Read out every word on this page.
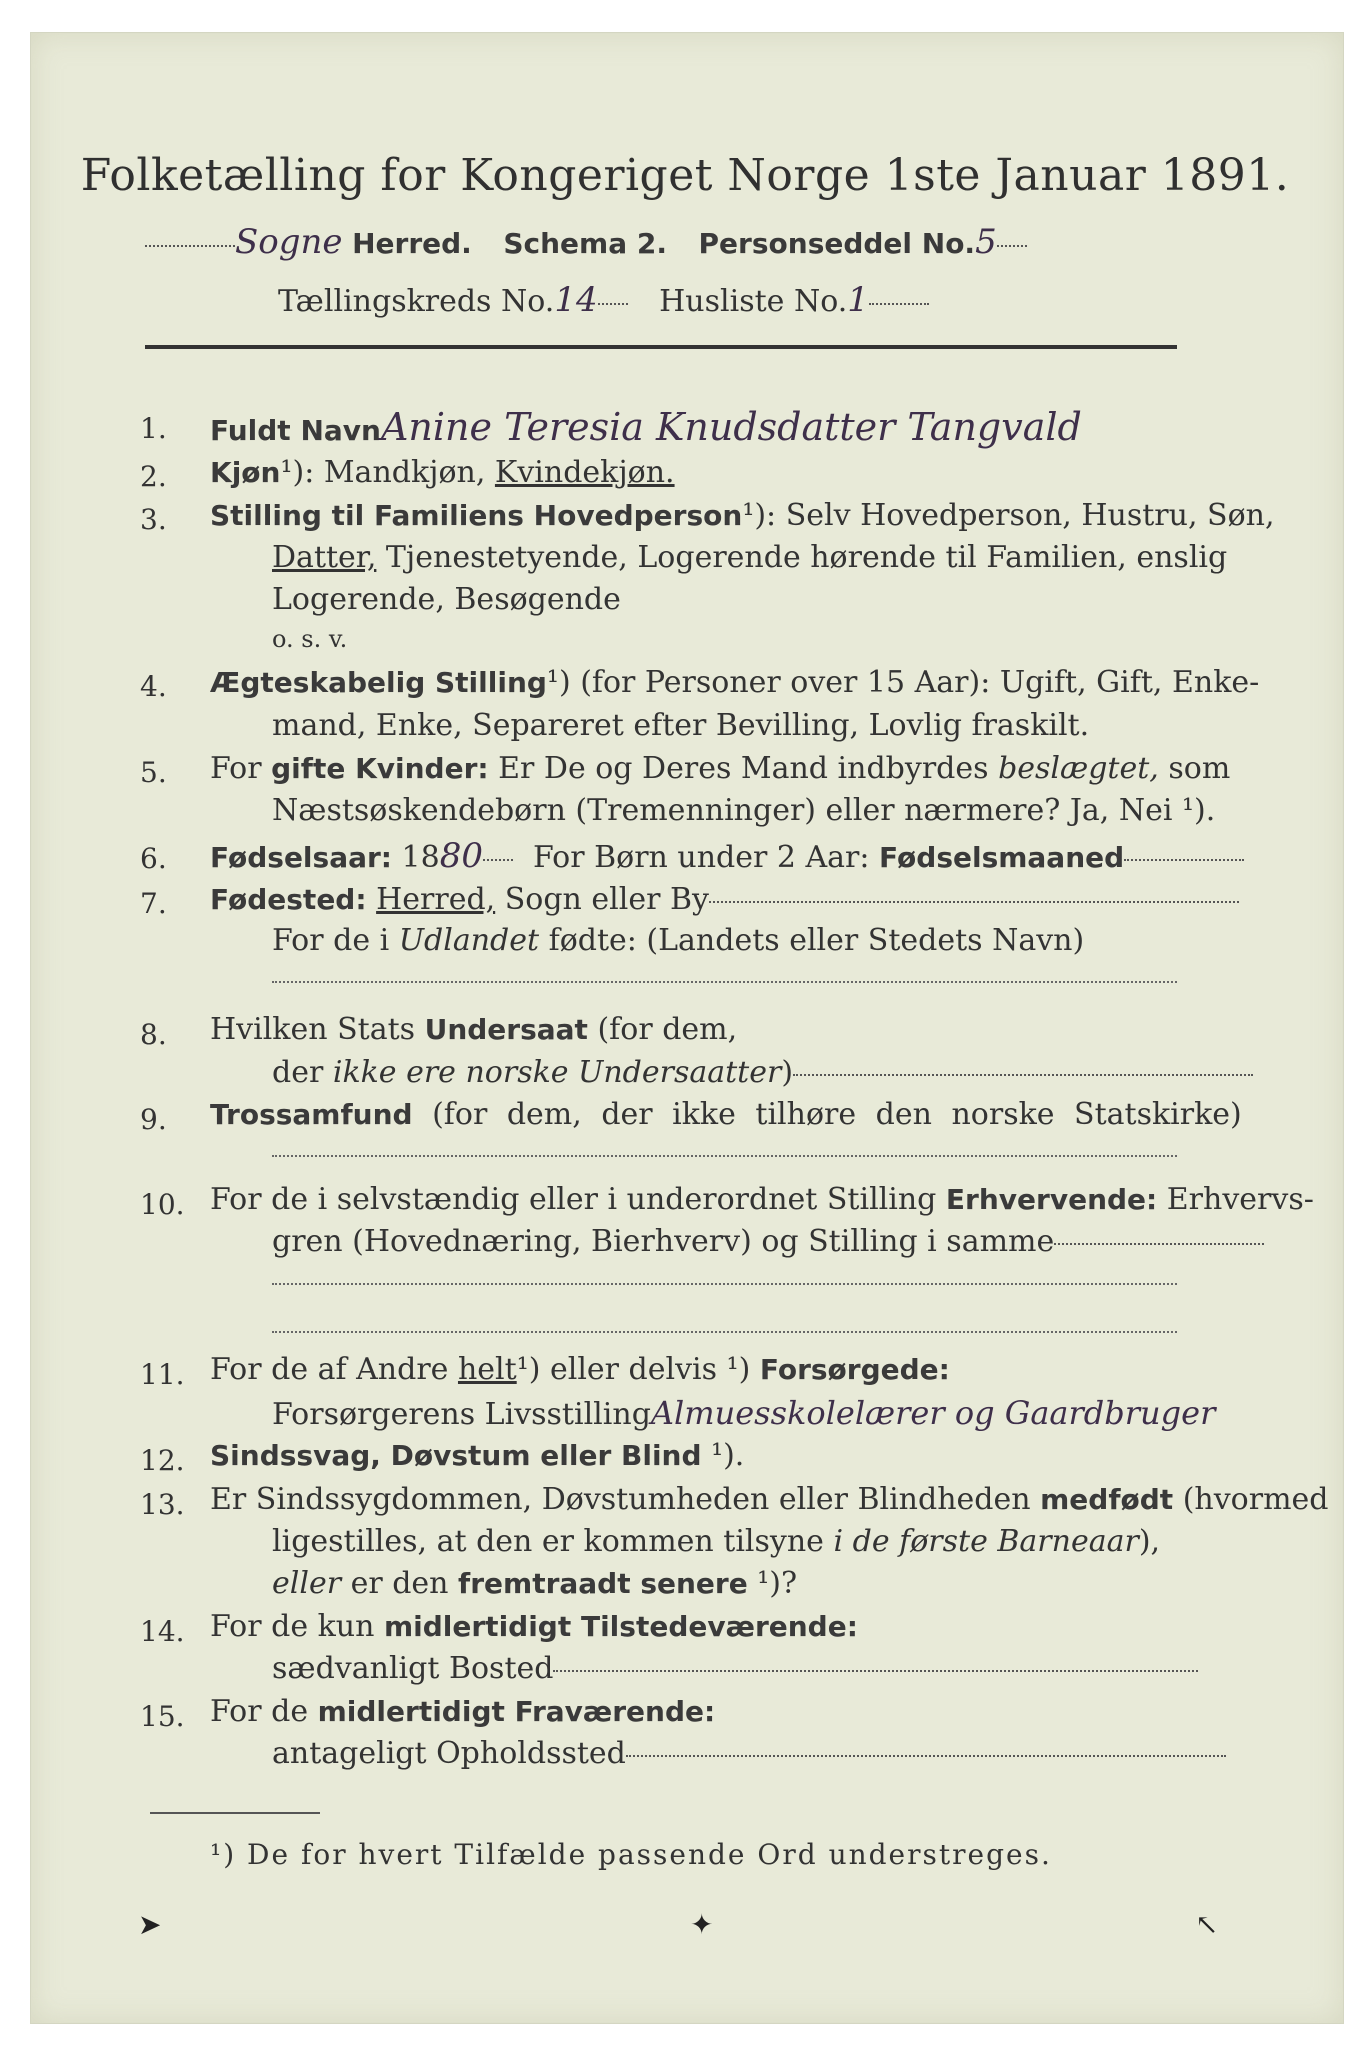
Folketælling for Kongeriget Norge 1ste Januar 1891.
Sogne Herred. Schema 2. Personseddel No.5
Tællingskreds No.14 Husliste No.1
1.	Fuldt NavnAnine Teresia Knudsdatter Tangvald
2.	Kjøn¹): Mandkjøn, Kvindekjøn.
3.	Stilling til Familiens Hovedperson¹): Selv Hovedperson, Hustru, Søn,
Datter, Tjenestetyende, Logerende hørende til Familien, enslig
Logerende, Besøgende
o. s. v.
4.	Ægteskabelig Stilling¹) (for Personer over 15 Aar): Ugift, Gift, Enke-
mand, Enke, Separeret efter Bevilling, Lovlig fraskilt.
5.	For gifte Kvinder: Er De og Deres Mand indbyrdes beslægtet, som
Næstsøskendebørn (Tremenninger) eller nærmere? Ja, Nei ¹).
6.	Fødselsaar: 1880 For Børn under 2 Aar: Fødselsmaaned
7.	Fødested: Herred, Sogn eller By
For de i Udlandet fødte: (Landets eller Stedets Navn)
8.	Hvilken Stats Undersaat (for dem,
der ikke ere norske Undersaatter)
9.	Trossamfund (for dem, der ikke tilhøre den norske Statskirke)
10. For de i selvstændig eller i underordnet Stilling Erhvervende: Erhvervs-
gren (Hovednæring, Bierhverv) og Stilling i samme
11. For de af Andre helt¹) eller delvis ¹) Forsørgede:
Forsørgerens LivsstillingAlmuesskolelærer og Gaardbruger
12. Sindssvag, Døvstum eller Blind ¹).
13. Er Sindssygdommen, Døvstumheden eller Blindheden medfødt (hvormed
ligestilles, at den er kommen tilsyne i de første Barneaar),
eller er den fremtraadt senere ¹)?
14. For de kun midlertidigt Tilstedeværende:
sædvanligt Bosted
15. For de midlertidigt Fraværende:
antageligt Opholdssted
¹) De for hvert Tilfælde passende Ord understreges.
➤	✦	↖
